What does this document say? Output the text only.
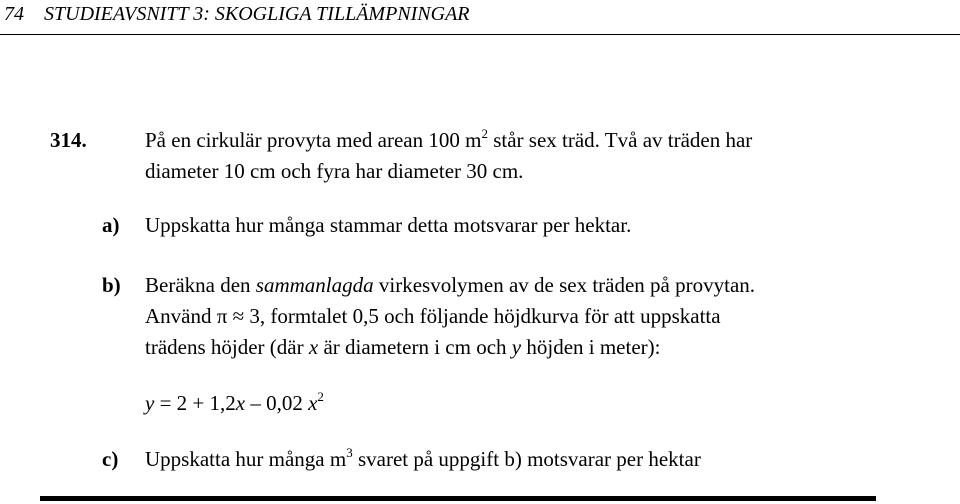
74 STUDIEAVSNITT 3: SKOGLIGA TILLÄMPNINGAR
314.	På en cirkulär provyta med arean 100 $m^2$ står sex träd. Två av träden har
diameter 10 cm och fyra har diameter 30 cm.
a) Uppskatta hur många stammar detta motsvarar per hektar.
b) Beräkna den sammanlagda virkesvolymen av de sex träden på provytan.
Använd π ≈ 3, formtalet 0,5 och följande höjdkurva för att uppskatta
trädens höjder (där x är diametern i cm och y höjden i meter):
y = 2 + 1,2x – 0,02 $x^2$
c) Uppskatta hur många $m^3$ svaret på uppgift b) motsvarar per hektar
